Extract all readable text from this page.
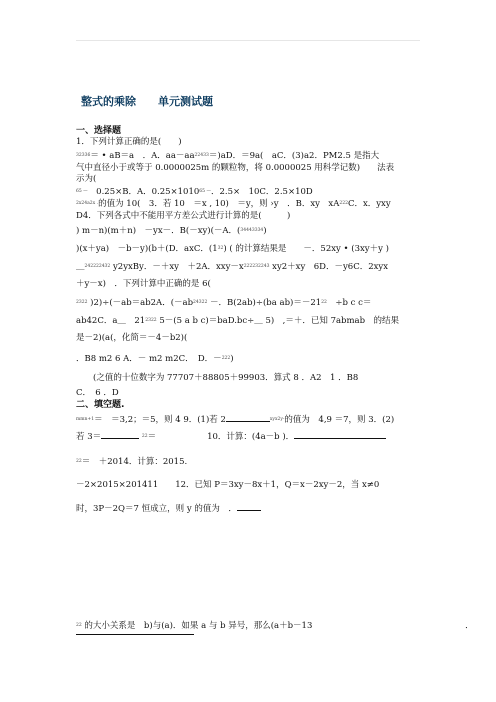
整式的乘除　　单元测试题
一、选择题
1．下列计算正确的是(　　)
32336＝ • aB＝a　．A．aa－aa22433＝)aD．＝9a(　aC．(3)a2．PM2.5 是指大
气中直径小于或等于 0.0000025m 的颗粒物，将 0.0000025 用科学记数)　　法表
示为(
65 —　0.25×B．A．0.25×101065 —．2.5×　10C．2.5×10D
2x24a2x .的值为 10(　3．若 10　＝x , 10)　＝y，则 ›y　．B．xy　xA222C．x．yxy
D4．下列各式中不能用平方差公式进行计算的是(　　　)
) m－n)(m＋n)　－yx－．B(－xy)(－A．(34443334)
)(x＋ya)　－b－y)(b＋(D．axC．(132) ( 的计算结果是　　－．52xy • (3xy＋y )
＿242222432 y2yxBy．－＋xy　＋2A．xxy－x222232243 xy2＋xy　6D．－y6C．2xyx
＋y－x)　．下列计算中正确的是 6(
2322 )2)÷(－ab＝ab2A．(－ab24322 －．B(2ab)÷(ba ab)＝－2122　÷b c c＝
ab42C．a＿　212322 5－(5 a b c)＝baD.bc÷＿ 5)　,＝＋．已知 7abmab　的结果
是－2)(a(，化简＝－4－b2)(
．B8 m2 6 A．－ m2 m2C．　D．－222)
　　(之值的十位数字为 77707＋88805＋99903．算式 8 ．A2　1 ．B8
C．　6 ．D
二、填空题.
mmn+1＝　＝3,2；＝5，则 4 9．(1)若 2	xyx2y-的值为　4,9 ＝7，则 3．(2)
若 3＝	22＝　　　　　　10．计算：(4a－b )．
22＝　＋2014．计算：2015.
－2×2015×201411　　12．已知 P＝3xy－8x＋1，Q＝x－2xy－2，当 x≠0
时，3P－2Q＝7 恒成立，则 y 的值为　．
22 的大小关系是　b)与(a)．如果 a 与 b 异号，那么(a＋b－13	．
